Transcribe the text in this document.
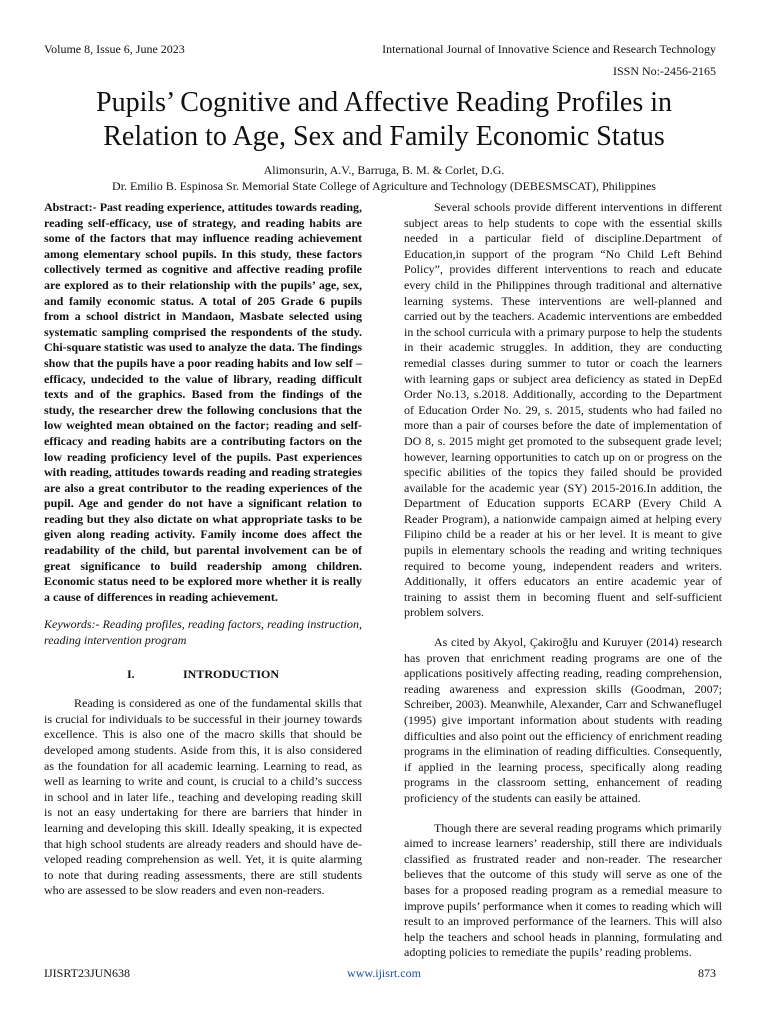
Volume 8, Issue 6, June 2023	International Journal of Innovative Science and Research Technology
ISSN No:-2456-2165
Pupils’ Cognitive and Affective Reading Profiles in
Relation to Age, Sex and Family Economic Status
Alimonsurin, A.V., Barruga, B. M. & Corlet, D.G.
Dr. Emilio B. Espinosa Sr. Memorial State College of Agriculture and Technology (DEBESMSCAT), Philippines

Abstract:- Past reading experience, attitudes towards reading, reading self-efficacy, use of strategy, and reading habits are some of the factors that may influence reading achievement among elementary school pupils. In this study, these factors collectively termed as cognitive and affective reading profile are explored as to their relationship with the pupils’ age, sex, and family economic status. A total of 205 Grade 6 pupils from a school district in Mandaon, Masbate selected using systematic sampling comprised the respondents of the study. Chi-square statistic was used to analyze the data. The findings show that the pupils have a poor reading habits and low self – efficacy, undecided to the value of library, reading difficult texts and of the graphics. Based from the findings of the study, the researcher drew the following conclusions that the low weighted mean obtained on the factor; reading and self-efficacy and reading habits are a contributing factors on the low reading proficiency level of the pupils. Past experiences with reading, attitudes towards reading and reading strategies are also a great contributor to the reading experiences of the pupil. Age and gender do not have a significant relation to reading but they also dictate on what appropriate tasks to be given along reading activity. Family income does affect the readability of the child, but parental involvement can be of great significance to build readership among children. Economic status need to be explored more whether it is really a cause of differences in reading achievement.

Keywords:- Reading profiles, reading factors, reading instruction, reading intervention program

I.	INTRODUCTION

Reading is considered as one of the fundamental skills that is crucial for individuals to be successful in their journey towards excellence. This is also one of the macro skills that should be developed among students. Aside from this, it is also considered as the foundation for all academic learning. Learning to read, as well as learning to write and count, is crucial to a child’s success in school and in later life., teaching and developing reading skill is not an easy undertaking for there are barriers that hinder in learning and developing this skill. Ideally speaking, it is expected that high school students are already readers and should have de-veloped reading comprehension as well. Yet, it is quite alarming to note that during reading assessments, there are still students who are assessed to be slow readers and even non-readers.

Several schools provide different interventions in different subject areas to help students to cope with the essential skills needed in a particular field of discipline.Department of Education,in support of the program “No Child Left Behind Policy”, provides different interventions to reach and educate every child in the Philippines through traditional and alternative learning systems. These interventions are well-planned and carried out by the teachers. Academic interventions are embedded in the school curricula with a primary purpose to help the students in their academic struggles. In addition, they are conducting remedial classes during summer to tutor or coach the learners with learning gaps or subject area deficiency as stated in DepEd Order No.13, s.2018. Additionally, according to the Department of Education Order No. 29, s. 2015, students who had failed no more than a pair of courses before the date of implementation of DO 8, s. 2015 might get promoted to the subsequent grade level; however, learning opportunities to catch up on or progress on the specific abilities of the topics they failed should be provided available for the academic year (SY) 2015-2016.In addition, the Department of Education supports ECARP (Every Child A Reader Program), a nationwide campaign aimed at helping every Filipino child be a reader at his or her level. It is meant to give pupils in elementary schools the reading and writing techniques required to become young, independent readers and writers. Additionally, it offers educators an entire academic year of training to assist them in becoming fluent and self-sufficient problem solvers.

As cited by Akyol, Çakiroğlu and Kuruyer (2014) research has proven that enrichment reading programs are one of the applications positively affecting reading, reading comprehension, reading awareness and expression skills (Goodman, 2007; Schreiber, 2003). Meanwhile, Alexander, Carr and Schwaneflugel (1995) give important information about students with reading difficulties and also point out the efficiency of enrichment reading programs in the elimination of reading difficulties. Consequently, if applied in the learning process, specifically along reading programs in the classroom setting, enhancement of reading proficiency of the students can easily be attained.

Though there are several reading programs which primarily aimed to increase learners’ readership, still there are individuals classified as frustrated reader and non-reader. The researcher believes that the outcome of this study will serve as one of the bases for a proposed reading program as a remedial measure to improve pupils’ performance when it comes to reading which will result to an improved performance of the learners. This will also help the teachers and school heads in planning, formulating and adopting policies to remediate the pupils’ reading problems.

IJISRT23JUN638	www.ijisrt.com	873
